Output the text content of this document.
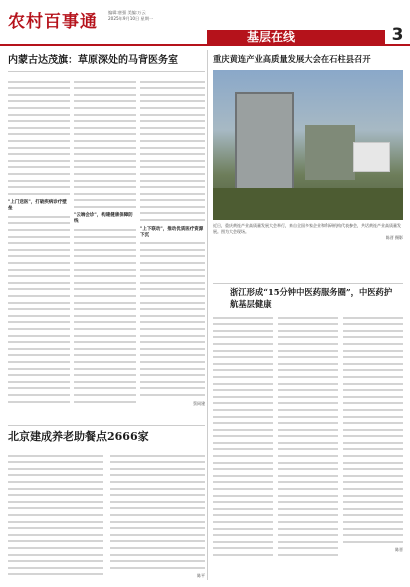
农村百事通 编辑:唐强 美编:万云
2025年9月10日 星期一
基层在线	3
内蒙古达茂旗：草原深处的马背医务室
"上门送医"，打破疾病诊疗壁垒
"云端会诊"，构建健康保障防线
"上下联动"，推动优质医疗资源下沉
蔡同建
北京建成养老助餐点2666家
陈平
重庆黄连产业高质量发展大会在石柱县召开
近日，重庆黄连产业高质量发展大会举行，来自全国多家企业和科研机构代表参会，共话黄连产业高质量发展。图为大会现场。
陈晋 摄影
浙江形成“15分钟中医药服务圈”，中医药护航基层健康
陈晋
